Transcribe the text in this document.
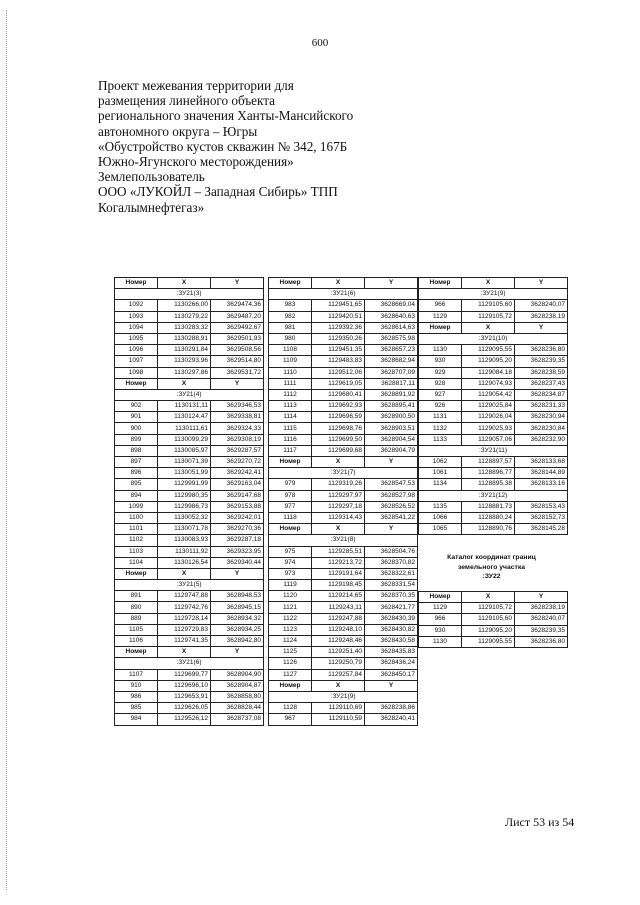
600
Проект межевания территории для
размещения линейного объекта
регионального значения Ханты-Мансийского
автономного округа – Югры
«Обустройство кустов скважин № 342, 167Б
Южно-Ягунского месторождения»
Землепользователь
ООО «ЛУКОЙЛ – Западная Сибирь» ТПП
Когалымнефтегаз»
Номер	X	Y
:ЗУ21(3)		
1092	1130266,00	3629474,36
1093	1130279,22	3629487,20
1094	1130283,32	3629492,67
1095	1130288,91	3629501,93
1096	1130291,84	3629508,56
1097	1130293,96	3629514,80
1098	1130297,86	3629531,72
Номер	X	Y
:ЗУ21(4)		
902	1130131,11	3629346,53
901	1130124,47	3629338,81
900	1130111,61	3629324,33
899	1130099,29	3629308,19
898	1130085,97	3629287,57
897	1130071,39	3629270,72
896	1130051,99	3629242,41
895	1129991,99	3629163,04
894	1129980,35	3629147,68
1099	1129986,73	3629153,88
1100	1130052,32	3629242,01
1101	1130071,78	3629270,36
1102	1130083,93	3629287,18
1103	1130111,92	3629323,95
1104	1130126,54	3629340,44
Номер	X	Y
:ЗУ21(5)		
891	1129747,88	3628948,53
890	1129742,76	3628945,15
889	1129728,14	3628934,32
1105	1129729,83	3628934,25
1106	1129741,35	3628942,80
Номер	X	Y
:ЗУ21(6)		
1107	1129699,77	3628904,90
910	1129696,10	3628904,87
986	1129653,91	3628858,80
985	1129626,05	3628828,44
984	1129526,12	3628737,08
Номер	X	Y
:ЗУ21(6)		
983	1129451,65	3628669,04
982	1129420,51	3628640,63
981	1129392,36	3628614,63
980	1129350,26	3628575,98
1108	1129451,35	3628657,23
1109	1129483,83	3628682,94
1110	1129512,06	3628707,09
1111	1129619,05	3628817,11
1112	1129680,41	3628891,92
1113	1129692,93	3628895,41
1114	1129696,59	3628900,50
1115	1129698,76	3628903,51
1116	1129699,50	3628904,54
1117	1129699,68	3628904,79
Номер	X	Y
:ЗУ21(7)		
979	1129319,26	3628547,53
978	1129297,97	3628527,98
977	1129297,18	3628526,52
1118	1129314,43	3628541,22
Номер	X	Y
:ЗУ21(8)		
975	1129285,51	3628504,76
974	1129213,72	3628370,82
973	1129191,64	3628322,61
1119	1129198,45	3628331,54
1120	1129214,65	3628370,35
1121	1129243,11	3628421,77
1122	1129247,88	3628430,39
1123	1129248,10	3628430,82
1124	1129248,46	3628430,58
1125	1129251,40	3628435,83
1126	1129250,79	3628436,24
1127	1129257,84	3628450,17
Номер	X	Y
:ЗУ21(9)		
1128	1129110,69	3628238,86
967	1129110,59	3628240,41
Номер	X	Y
:ЗУ21(9)		
966	1129105,60	3628240,07
1129	1129105,72	3628238,19
Номер	X	Y
:ЗУ21(10)		
1130	1129095,55	3628236,80
930	1129095,20	3628239,35
929	1129084,18	3628238,59
928	1129074,93	3628237,43
927	1129054,42	3628234,87
926	1129025,84	3628231,33
1131	1129026,04	3628230,94
1132	1129025,93	3628230,84
1133	1129057,06	3628232,90
:ЗУ21(11)		
1062	1128897,57	3628133,68
1061	1128896,77	3628144,89
1134	1128895,38	3628133,16
:ЗУ21(12)		
1135	1128881,73	3628153,43
1066	1128880,24	3628152,73
1065	1128890,76	3628145,28
Каталог координат границ
земельного участка
:ЗУ22
Номер	X	Y
1129	1129105,72	3628238,19
966	1129105,60	3628240,07
930	1129095,20	3628239,35
1130	1129095,55	3628236,80
Лист 53 из 54
